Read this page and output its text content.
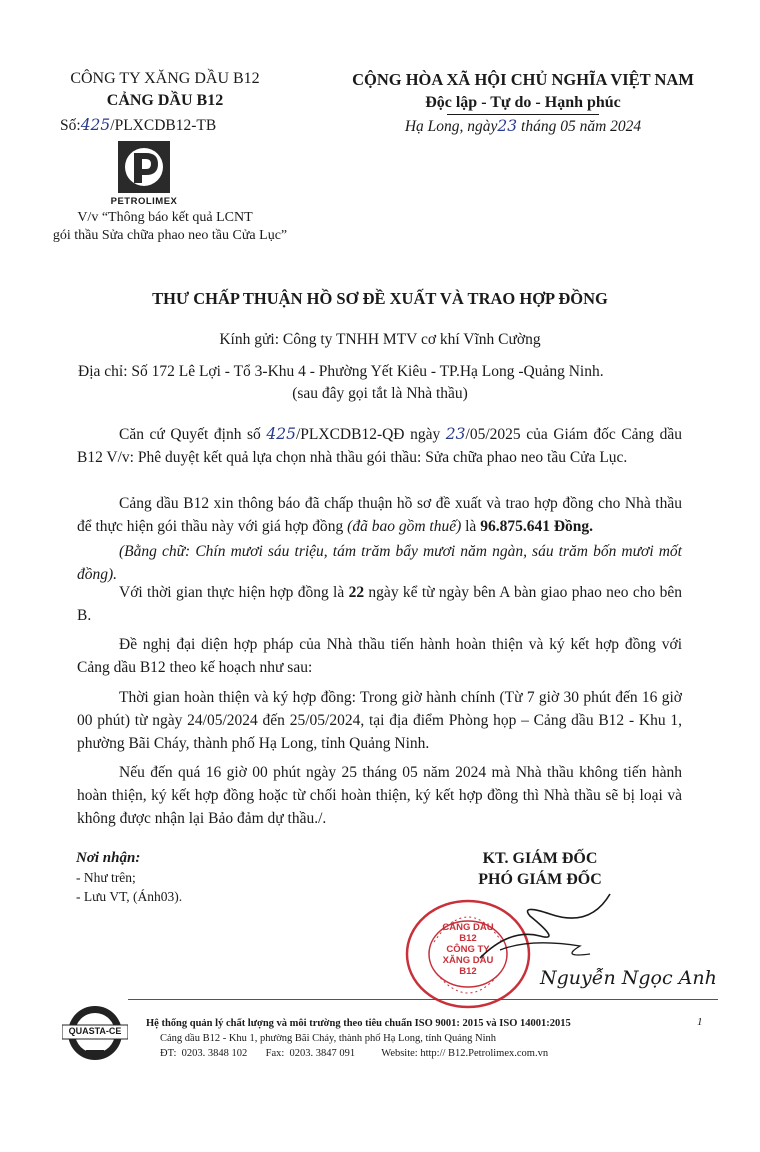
CÔNG TY XĂNG DẦU B12
CẢNG DẦU B12
Số:425/PLXCDB12-TB
PETROLIMEX
V/v “Thông báo kết quả LCNT
gói thầu Sửa chữa phao neo tầu Cửa Lục”
CỘNG HÒA XÃ HỘI CHỦ NGHĨA VIỆT NAM
Độc lập - Tự do - Hạnh phúc
Hạ Long, ngày23 tháng 05 năm 2024
THƯ CHẤP THUẬN HỒ SƠ ĐỀ XUẤT VÀ TRAO HỢP ĐỒNG
Kính gửi: Công ty TNHH MTV cơ khí Vĩnh Cường
Địa chỉ: Số 172 Lê Lợi - Tổ 3-Khu 4 - Phường Yết Kiêu - TP.Hạ Long -Quảng Ninh.
(sau đây gọi tắt là Nhà thầu)
Căn cứ Quyết định số 425/PLXCDB12-QĐ ngày 23/05/2025 của Giám đốc Cảng dầu B12 V/v: Phê duyệt kết quả lựa chọn nhà thầu gói thầu: Sửa chữa phao neo tầu Cửa Lục.
Cảng dầu B12 xin thông báo đã chấp thuận hồ sơ đề xuất và trao hợp đồng cho Nhà thầu để thực hiện gói thầu này với giá hợp đồng (đã bao gồm thuế) là 96.875.641 Đồng.
(Bằng chữ: Chín mươi sáu triệu, tám trăm bẩy mươi năm ngàn, sáu trăm bốn mươi mốt đồng).
Với thời gian thực hiện hợp đồng là 22 ngày kể từ ngày bên A bàn giao phao neo cho bên B.
Đề nghị đại diện hợp pháp của Nhà thầu tiến hành hoàn thiện và ký kết hợp đồng với Cảng dầu B12 theo kế hoạch như sau:
Thời gian hoàn thiện và ký hợp đồng: Trong giờ hành chính (Từ 7 giờ 30 phút đến 16 giờ 00 phút) từ ngày 24/05/2024 đến 25/05/2024, tại địa điểm Phòng họp – Cảng dầu B12 - Khu 1, phường Bãi Cháy, thành phố Hạ Long, tỉnh Quảng Ninh.
Nếu đến quá 16 giờ 00 phút ngày 25 tháng 05 năm 2024 mà Nhà thầu không tiến hành hoàn thiện, ký kết hợp đồng hoặc từ chối hoàn thiện, ký kết hợp đồng thì Nhà thầu sẽ bị loại và không được nhận lại Bảo đảm dự thầu./.
Nơi nhận:
- Như trên;
- Lưu VT, (Ánh03).
KT. GIÁM ĐỐC
PHÓ GIÁM ĐỐC
CẢNG DẦU
B12
CÔNG TY
XĂNG DẦU
B12	Nguyễn Ngọc Anh
QUASTA-CE
Hệ thống quản lý chất lượng và môi trường theo tiêu chuẩn ISO 9001: 2015 và ISO 14001:2015
Cảng dầu B12 - Khu 1, phường Bãi Cháy, thành phố Hạ Long, tỉnh Quảng Ninh
ĐT:  0203. 3848 102       Fax:  0203. 3847 091          Website: http:// B12.Petrolimex.com.vn
1
